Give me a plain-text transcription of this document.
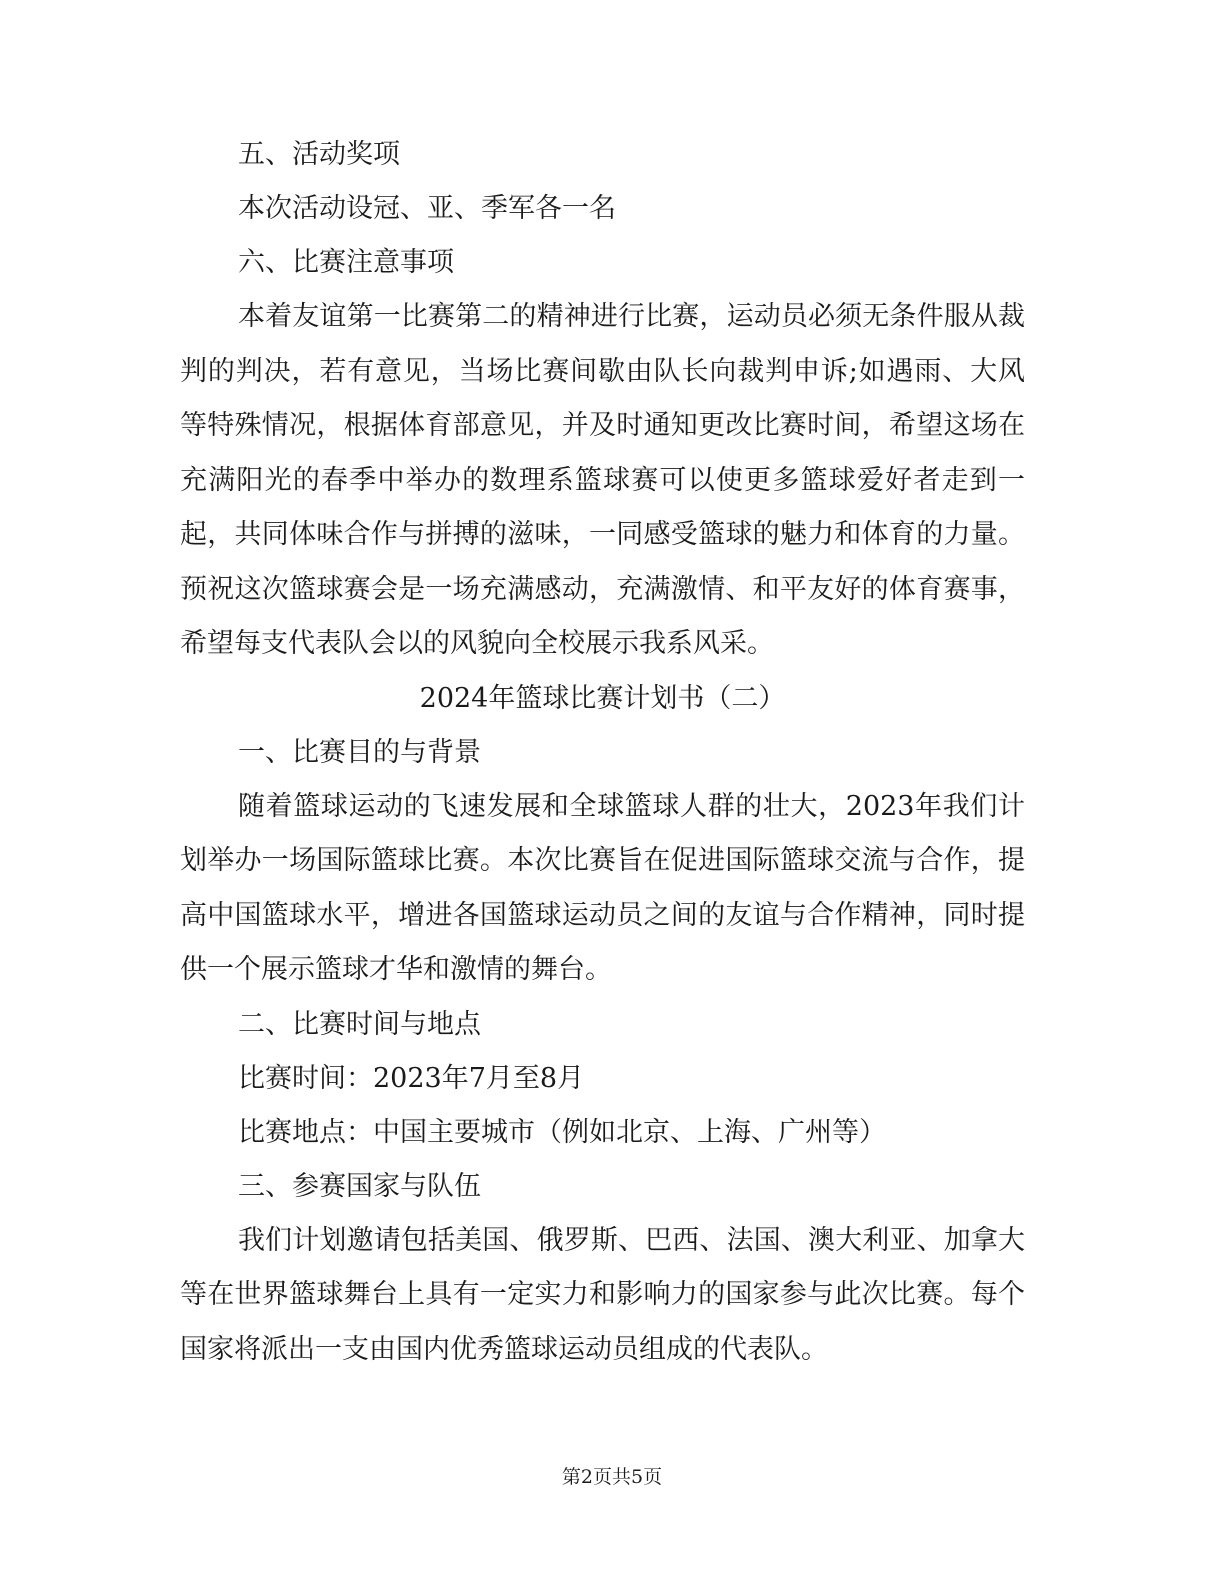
五、活动奖项
本次活动设冠、亚、季军各一名
六、比赛注意事项

本着友谊第一比赛第二的精神进行比赛，运动员必须无条件服从裁判的判决，若有意见，当场比赛间歇由队长向裁判申诉;如遇雨、大风等特殊情况，根据体育部意见，并及时通知更改比赛时间，希望这场在充满阳光的春季中举办的数理系篮球赛可以使更多篮球爱好者走到一起，共同体味合作与拼搏的滋味，一同感受篮球的魅力和体育的力量。预祝这次篮球赛会是一场充满感动，充满激情、和平友好的体育赛事，希望每支代表队会以的风貌向全校展示我系风采。

2024年篮球比赛计划书（二）
一、比赛目的与背景

随着篮球运动的飞速发展和全球篮球人群的壮大，2023年我们计划举办一场国际篮球比赛。本次比赛旨在促进国际篮球交流与合作，提高中国篮球水平，增进各国篮球运动员之间的友谊与合作精神，同时提供一个展示篮球才华和激情的舞台。

二、比赛时间与地点
比赛时间：2023年7月至8月
比赛地点：中国主要城市（例如北京、上海、广州等）
三、参赛国家与队伍

我们计划邀请包括美国、俄罗斯、巴西、法国、澳大利亚、加拿大等在世界篮球舞台上具有一定实力和影响力的国家参与此次比赛。每个国家将派出一支由国内优秀篮球运动员组成的代表队。

第2页共5页
